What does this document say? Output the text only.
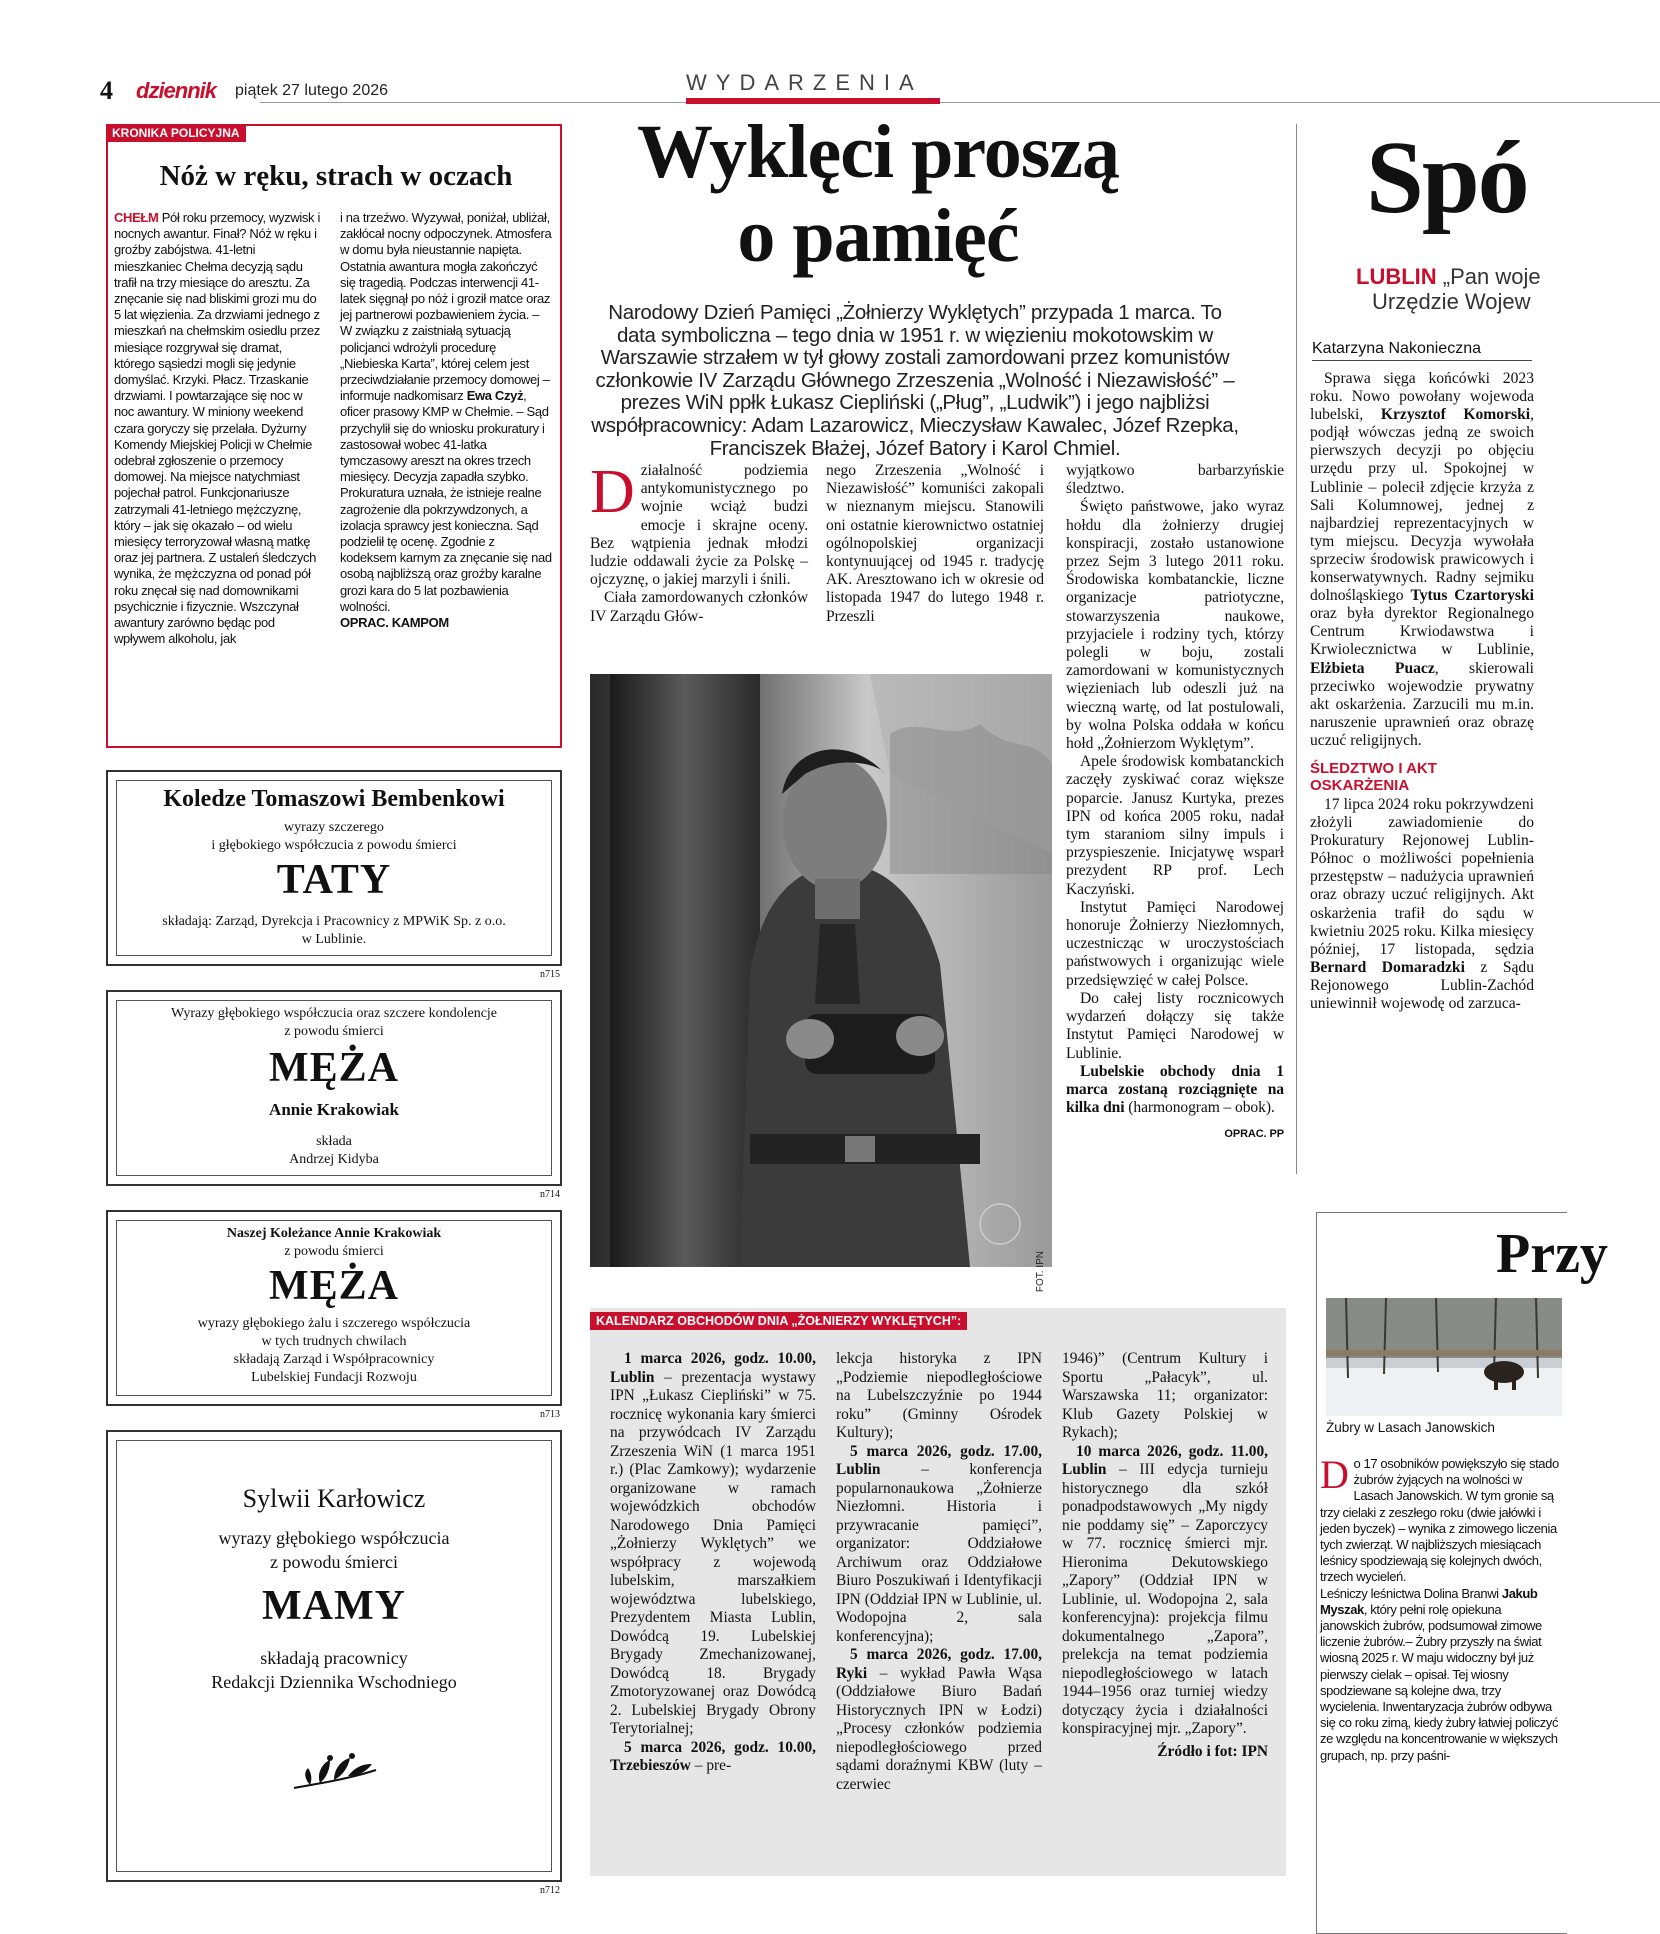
4 dziennik piątek 27 lutego 2026	WYDARZENIA
KRONIKA POLICYJNA
Nóż w ręku, strach w oczach
CHEŁM Pół roku przemocy, wyzwisk i nocnych awantur. Finał? Nóż w ręku i groźby zabójstwa. 41-letni mieszkaniec Chełma decyzją sądu trafił na trzy miesiące do aresztu. Za znęcanie się nad bliskimi grozi mu do 5 lat więzienia. Za drzwiami jednego z mieszkań na chełmskim osiedlu przez miesiące rozgrywał się dramat, którego sąsiedzi mogli się jedynie domyślać. Krzyki. Płacz. Trzaskanie drzwiami. I powtarzające się noc w noc awantury. W miniony weekend czara goryczy się przelała. Dyżurny Komendy Miejskiej Policji w Chełmie odebrał zgłoszenie o przemocy domowej. Na miejsce natychmiast pojechał patrol. Funkcjonariusze zatrzymali 41-letniego mężczyznę, który – jak się okazało – od wielu miesięcy terroryzował własną matkę oraz jej partnera. Z ustaleń śledczych wynika, że mężczyzna od ponad pół roku znęcał się nad domownikami psychicznie i fizycznie. Wszczynał awantury zarówno będąc pod wpływem alkoholu, jak
i na trzeźwo. Wyzywał, poniżał, ubliżał, zakłócał nocny odpoczynek. Atmosfera w domu była nieustannie napięta. Ostatnia awantura mogła zakończyć się tragedią. Podczas interwencji 41-latek sięgnął po nóż i groził matce oraz jej partnerowi pozbawieniem życia. – W związku z zaistniałą sytuacją policjanci wdrożyli procedurę „Niebieska Karta”, której celem jest przeciwdziałanie przemocy domowej – informuje nadkomisarz Ewa Czyż, oficer prasowy KMP w Chełmie. – Sąd przychylił się do wniosku prokuratury i zastosował wobec 41-latka tymczasowy areszt na okres trzech miesięcy. Decyzja zapadła szybko. Prokuratura uznała, że istnieje realne zagrożenie dla pokrzywdzonych, a izolacja sprawcy jest konieczna. Sąd podzielił tę ocenę. Zgodnie z kodeksem karnym za znęcanie się nad osobą najbliższą oraz groźby karalne grozi kara do 5 lat pozbawienia wolności.
OPRAC. KAMPOM
Koledze Tomaszowi Bembenkowi
wyrazy szczerego
i głębokiego współczucia z powodu śmierci
TATY
składają: Zarząd, Dyrekcja i Pracownicy z MPWiK Sp. z o.o.
w Lublinie.
n715
Wyrazy głębokiego współczucia oraz szczere kondolencje
z powodu śmierci
MĘŻA
Annie Krakowiak
składa
Andrzej Kidyba
n714
Naszej Koleżance Annie Krakowiak
z powodu śmierci
MĘŻA
wyrazy głębokiego żalu i szczerego współczucia
w tych trudnych chwilach
składają Zarząd i Współpracownicy
Lubelskiej Fundacji Rozwoju
n713
Sylwii Karłowicz
wyrazy głębokiego współczucia
z powodu śmierci
MAMY
składają pracownicy
Redakcji Dziennika Wschodniego
n712
Wyklęci proszą
o pamięć
Narodowy Dzień Pamięci „Żołnierzy Wyklętych” przypada 1 marca. To data symboliczna – tego dnia w 1951 r. w więzieniu mokotowskim w Warszawie strzałem w tył głowy zostali zamordowani przez komunistów członkowie IV Zarządu Głównego Zrzeszenia „Wolność i Niezawisłość” – prezes WiN ppłk Łukasz Ciepliński („Pług”, „Ludwik”) i jego najbliżsi współpracownicy: Adam Lazarowicz, Mieczysław Kawalec, Józef Rzepka, Franciszek Błażej, Józef Batory i Karol Chmiel.
Działalność podziemia antykomunistycznego po wojnie wciąż budzi emocje i skrajne oceny. Bez wątpienia jednak młodzi ludzie oddawali życie za Polskę – ojczyznę, o jakiej marzyli i śnili.

Ciała zamordowanych członków IV Zarządu Głów-

nego Zrzeszenia „Wolność i Niezawisłość” komuniści zakopali w nieznanym miejscu. Stanowili oni ostatnie kierownictwo ostatniej ogólnopolskiej organizacji kontynuującej od 1945 r. tradycję AK. Aresztowano ich w okresie od listopada 1947 do lutego 1948 r. Przeszli

wyjątkowo barbarzyńskie śledztwo.

Święto państwowe, jako wyraz hołdu dla żołnierzy drugiej konspiracji, zostało ustanowione przez Sejm 3 lutego 2011 roku. Środowiska kombatanckie, liczne organizacje patriotyczne, stowarzyszenia naukowe, przyjaciele i rodziny tych, którzy polegli w boju, zostali zamordowani w komunistycznych więzieniach lub odeszli już na wieczną wartę, od lat postulowali, by wolna Polska oddała w końcu hołd „Żołnierzom Wyklętym”.

Apele środowisk kombatanckich zaczęły zyskiwać coraz większe poparcie. Janusz Kurtyka, prezes IPN od końca 2005 roku, nadał tym staraniom silny impuls i przyspieszenie. Inicjatywę wsparł prezydent RP prof. Lech Kaczyński.

Instytut Pamięci Narodowej honoruje Żołnierzy Niezłomnych, uczestnicząc w uroczystościach państwowych i organizując wiele przedsięwzięć w całej Polsce.

Do całej listy rocznicowych wydarzeń dołączy się także Instytut Pamięci Narodowej w Lublinie.

Lubelskie obchody dnia 1 marca zostaną rozciągnięte na kilka dni (harmonogram – obok).

OPRAC. PP

FOT. IPN
KALENDARZ OBCHODÓW DNIA „ŻOŁNIERZY WYKLĘTYCH”:

1 marca 2026, godz. 10.00, Lublin – prezentacja wystawy IPN „Łukasz Ciepliński” w 75. rocznicę wykonania kary śmierci na przywódcach IV Zarządu Zrzeszenia WiN (1 marca 1951 r.) (Plac Zamkowy); wydarzenie organizowane w ramach wojewódzkich obchodów Narodowego Dnia Pamięci „Żołnierzy Wyklętych” we współpracy z wojewodą lubelskim, marszałkiem województwa lubelskiego, Prezydentem Miasta Lublin, Dowódcą 19. Lubelskiej Brygady Zmechanizowanej, Dowódcą 18. Brygady Zmotoryzowanej oraz Dowódcą 2. Lubelskiej Brygady Obrony Terytorialnej;

5 marca 2026, godz. 10.00, Trzebieszów – pre-

lekcja historyka z IPN „Podziemie niepodległościowe na Lubelszczyźnie po 1944 roku” (Gminny Ośrodek Kultury);

5 marca 2026, godz. 17.00, Lublin – konferencja popularnonaukowa „Żołnierze Niezłomni. Historia i przywracanie pamięci”, organizator: Oddziałowe Archiwum oraz Oddziałowe Biuro Poszukiwań i Identyfikacji IPN (Oddział IPN w Lublinie, ul. Wodopojna 2, sala konferencyjna);

5 marca 2026, godz. 17.00, Ryki – wykład Pawła Wąsa (Oddziałowe Biuro Badań Historycznych IPN w Łodzi) „Procesy członków podziemia niepodległościowego przed sądami doraźnymi KBW (luty – czerwiec

1946)” (Centrum Kultury i Sportu „Pałacyk”, ul. Warszawska 11; organizator: Klub Gazety Polskiej w Rykach);

10 marca 2026, godz. 11.00, Lublin – III edycja turnieju historycznego dla szkół ponadpodstawowych „My nigdy nie poddamy się” – Zaporczycy w 77. rocznicę śmierci mjr. Hieronima Dekutowskiego „Zapory” (Oddział IPN w Lublinie, ul. Wodopojna 2, sala konferencyjna): projekcja filmu dokumentalnego „Zapora”, prelekcja na temat podziemia niepodległościowego w latach 1944–1956 oraz turniej wiedzy dotyczący życia i działalności konspiracyjnej mjr. „Zapory”.

Źródło i fot: IPN

Spó
LUBLIN „Pan woje
Urzędzie Wojew
Katarzyna Nakonieczna

Sprawa sięga końcówki 2023 roku. Nowo powołany wojewoda lubelski, Krzysztof Komorski, podjął wówczas jedną ze swoich pierwszych decyzji po objęciu urzędu przy ul. Spokojnej w Lublinie – polecił zdjęcie krzyża z Sali Kolumnowej, jednej z najbardziej reprezentacyjnych w tym miejscu. Decyzja wywołała sprzeciw środowisk prawicowych i konserwatywnych. Radny sejmiku dolnośląskiego Tytus Czartoryski oraz była dyrektor Regionalnego Centrum Krwiodawstwa i Krwiolecznictwa w Lublinie, Elżbieta Puacz, skierowali przeciwko wojewodzie prywatny akt oskarżenia. Zarzucili mu m.in. naruszenie uprawnień oraz obrazę uczuć religijnych.

ŚLEDZTWO I AKT OSKARŻENIA

17 lipca 2024 roku pokrzywdzeni złożyli zawiadomienie do Prokuratury Rejonowej Lublin-Północ o możliwości popełnienia przestępstw – nadużycia uprawnień oraz obrazy uczuć religijnych. Akt oskarżenia trafił do sądu w kwietniu 2025 roku. Kilka miesięcy później, 17 listopada, sędzia Bernard Domaradzki z Sądu Rejonowego Lublin-Zachód uniewinnił wojewodę od zarzuca-

Przy
Żubry w Lasach Janowskich
Do 17 osobników powiększyło się stado żubrów żyjących na wolności w Lasach Janowskich. W tym gronie są trzy cielaki z zeszłego roku (dwie jałówki i jeden byczek) – wynika z zimowego liczenia tych zwierząt. W najbliższych miesiącach leśnicy spodziewają się kolejnych dwóch, trzech wycieleń.

Leśniczy leśnictwa Dolina Branwi Jakub Myszak, który pełni rolę opiekuna janowskich żubrów, podsumował zimowe liczenie żubrów.– Żubry przyszły na świat wiosną 2025 r. W maju widoczny był już pierwszy cielak – opisał. Tej wiosny spodziewane są kolejne dwa, trzy wycielenia. Inwentaryzacja żubrów odbywa się co roku zimą, kiedy żubry łatwiej policzyć ze względu na koncentrowanie w większych grupach, np. przy paśni-
